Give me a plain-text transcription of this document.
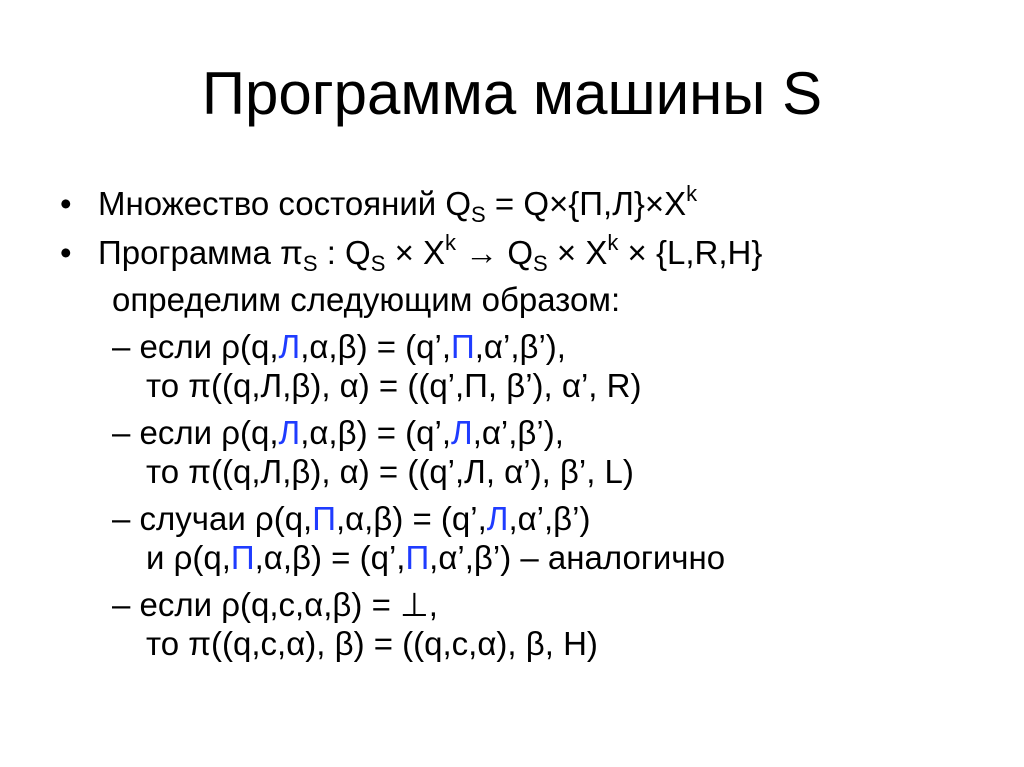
Программа машины S
• Множество состояний $Q_S = Q\times\{П,Л\}\times X^k$
• Программа $\pi_S$ : $Q_S \times X^k \to Q_S \times X^k \times \{L,R,H\}$
определим следующим образом:
– если ρ(q,Л,α,β) = (q’,П,α’,β’),
то π((q,Л,β), α) = ((q’,П, β’), α’, R)
– если ρ(q,Л,α,β) = (q’,Л,α’,β’),
то π((q,Л,β), α) = ((q’,Л, α’), β’, L)
– случаи ρ(q,П,α,β) = (q’,Л,α’,β’)
и ρ(q,П,α,β) = (q’,П,α’,β’) – аналогично
– если ρ(q,c,α,β) = ⊥,
то π((q,c,α), β) = ((q,c,α), β, H)
